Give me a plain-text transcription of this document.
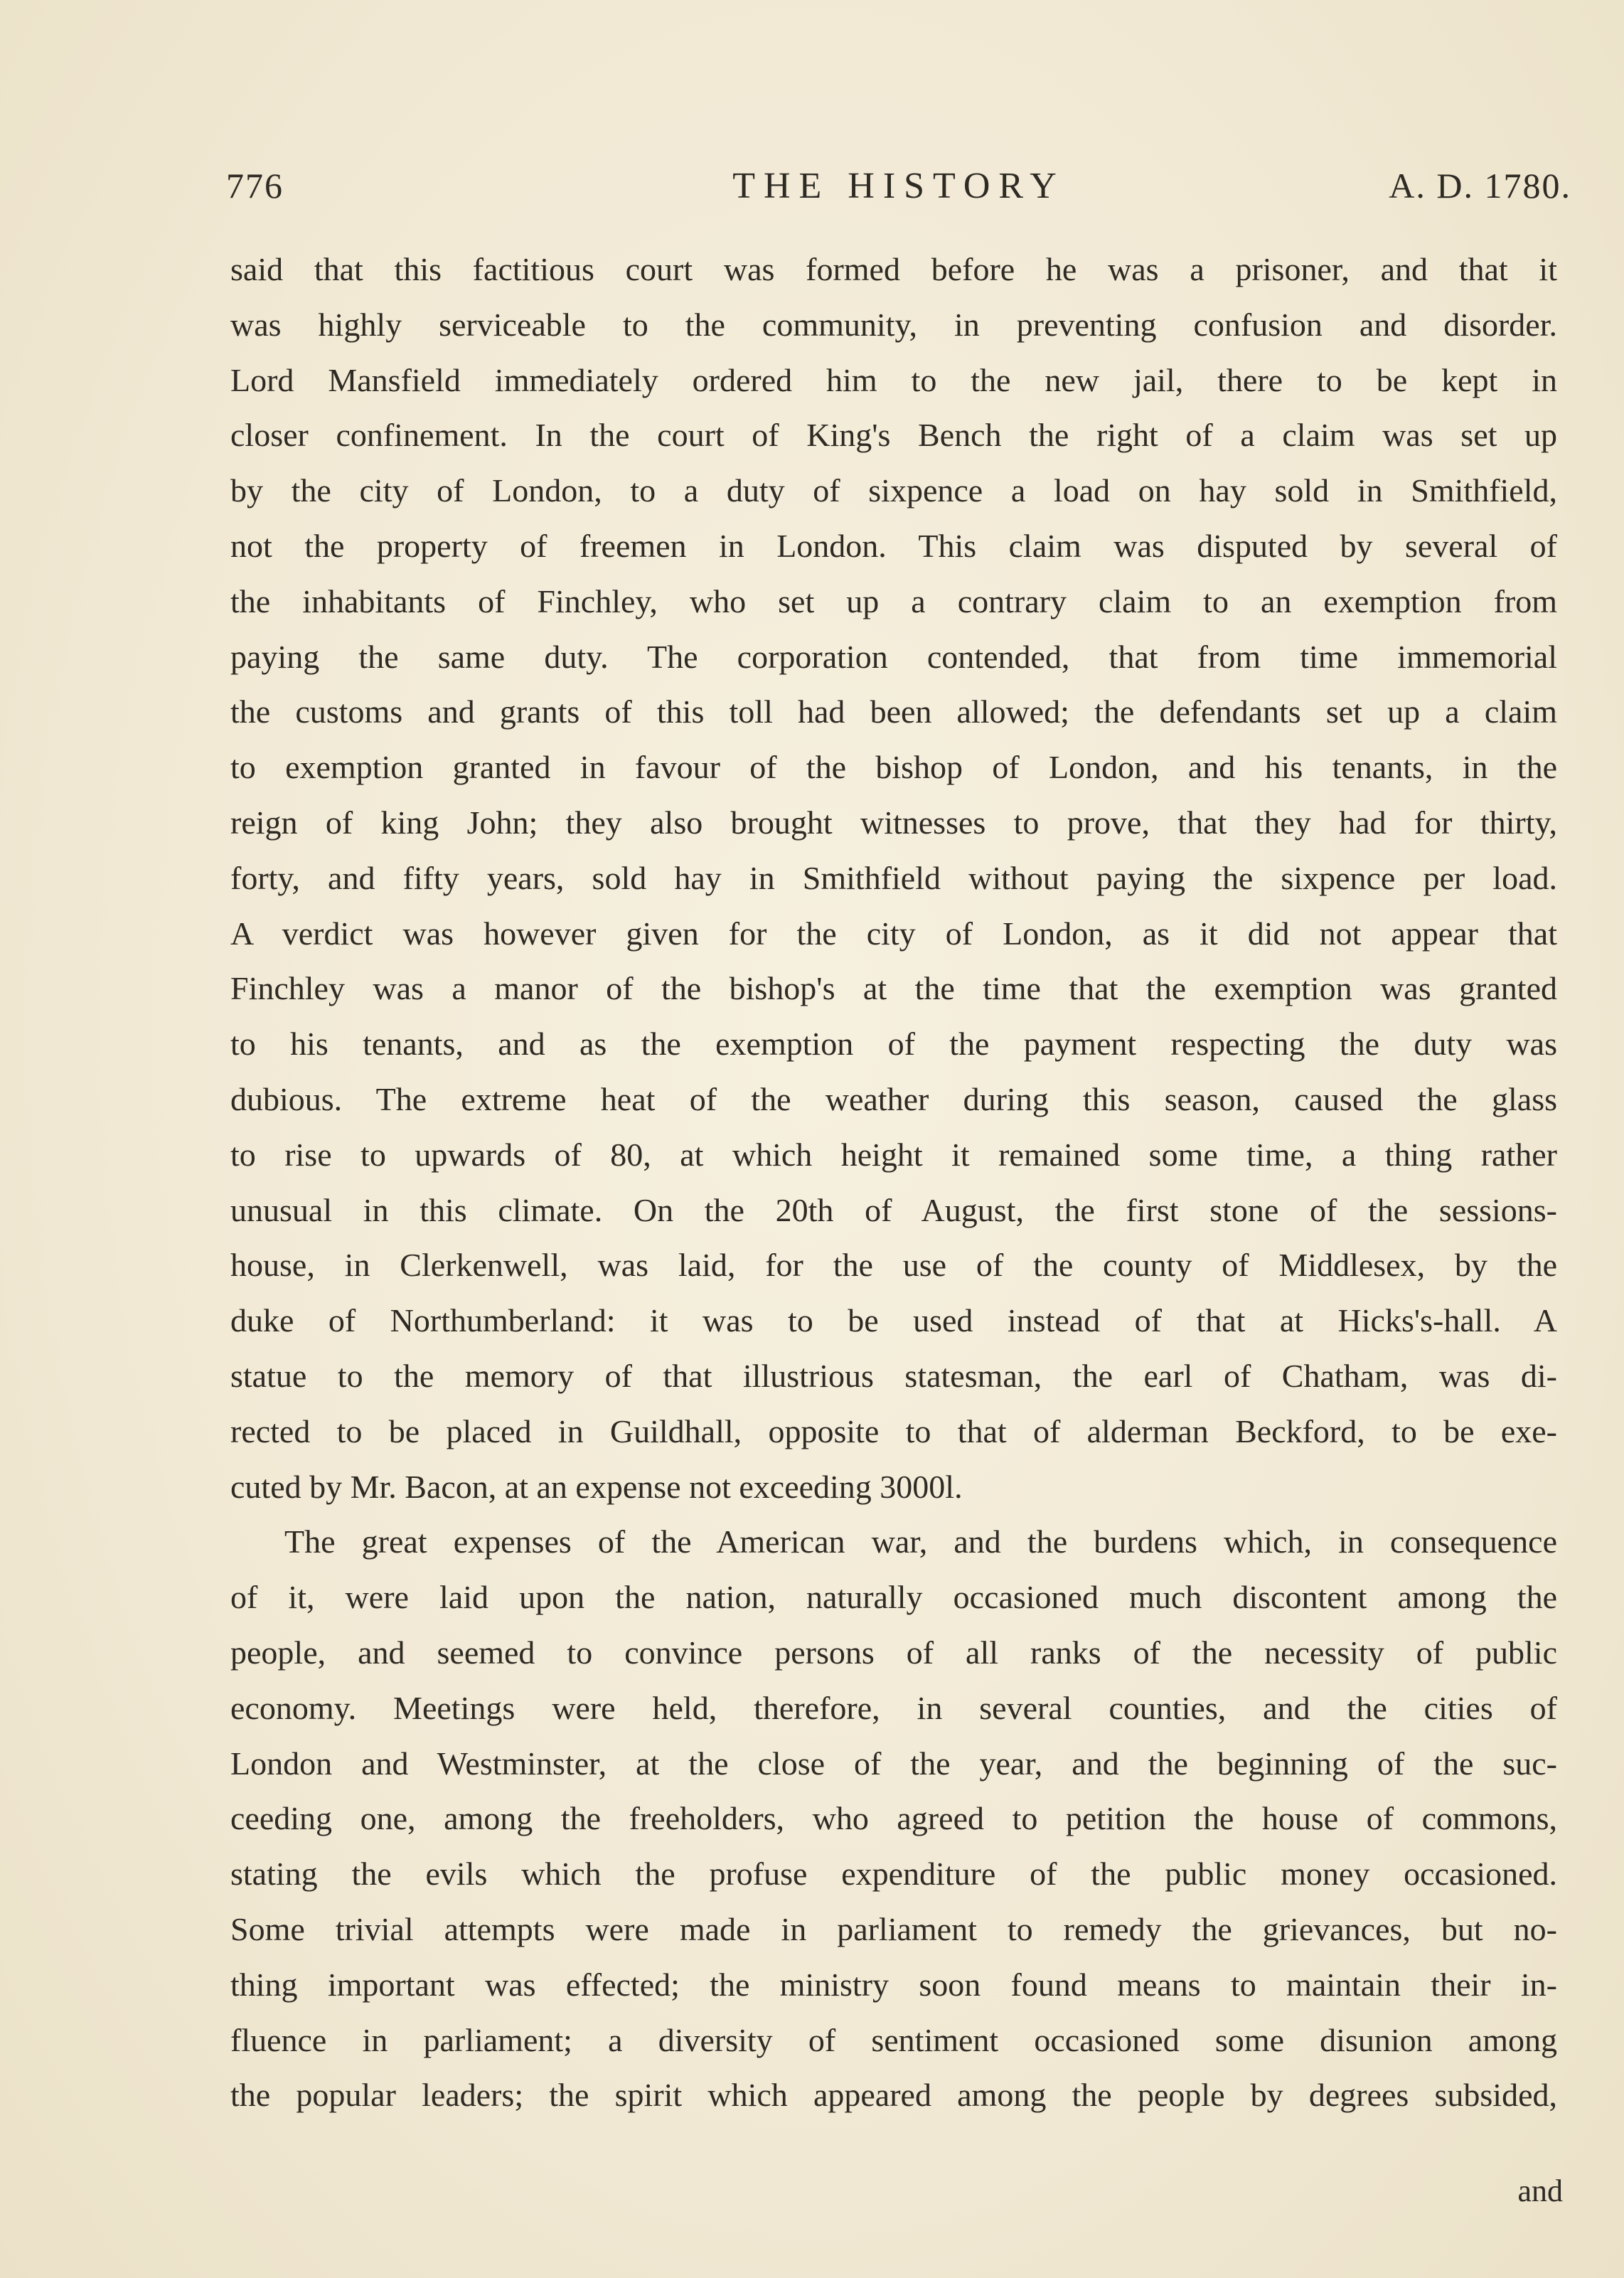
776	THE HISTORY	A. D. 1780.
said that this factitious court was formed before he was a prisoner, and that it
was highly serviceable to the community, in preventing confusion and disorder.
Lord Mansfield immediately ordered him to the new jail, there to be kept in
closer confinement. In the court of King's Bench the right of a claim was set up
by the city of London, to a duty of sixpence a load on hay sold in Smithfield,
not the property of freemen in London. This claim was disputed by several of
the inhabitants of Finchley, who set up a contrary claim to an exemption from
paying the same duty. The corporation contended, that from time immemorial
the customs and grants of this toll had been allowed; the defendants set up a claim
to exemption granted in favour of the bishop of London, and his tenants, in the
reign of king John; they also brought witnesses to prove, that they had for thirty,
forty, and fifty years, sold hay in Smithfield without paying the sixpence per load.
A verdict was however given for the city of London, as it did not appear that
Finchley was a manor of the bishop's at the time that the exemption was granted
to his tenants, and as the exemption of the payment respecting the duty was
dubious. The extreme heat of the weather during this season, caused the glass
to rise to upwards of 80, at which height it remained some time, a thing rather
unusual in this climate. On the 20th of August, the first stone of the sessions-
house, in Clerkenwell, was laid, for the use of the county of Middlesex, by the
duke of Northumberland: it was to be used instead of that at Hicks's-hall. A
statue to the memory of that illustrious statesman, the earl of Chatham, was di-
rected to be placed in Guildhall, opposite to that of alderman Beckford, to be exe-
cuted by Mr. Bacon, at an expense not exceeding 3000l.
The great expenses of the American war, and the burdens which, in consequence
of it, were laid upon the nation, naturally occasioned much discontent among the
people, and seemed to convince persons of all ranks of the necessity of public
economy. Meetings were held, therefore, in several counties, and the cities of
London and Westminster, at the close of the year, and the beginning of the suc-
ceeding one, among the freeholders, who agreed to petition the house of commons,
stating the evils which the profuse expenditure of the public money occasioned.
Some trivial attempts were made in parliament to remedy the grievances, but no-
thing important was effected; the ministry soon found means to maintain their in-
fluence in parliament; a diversity of sentiment occasioned some disunion among
the popular leaders; the spirit which appeared among the people by degrees subsided,
and
